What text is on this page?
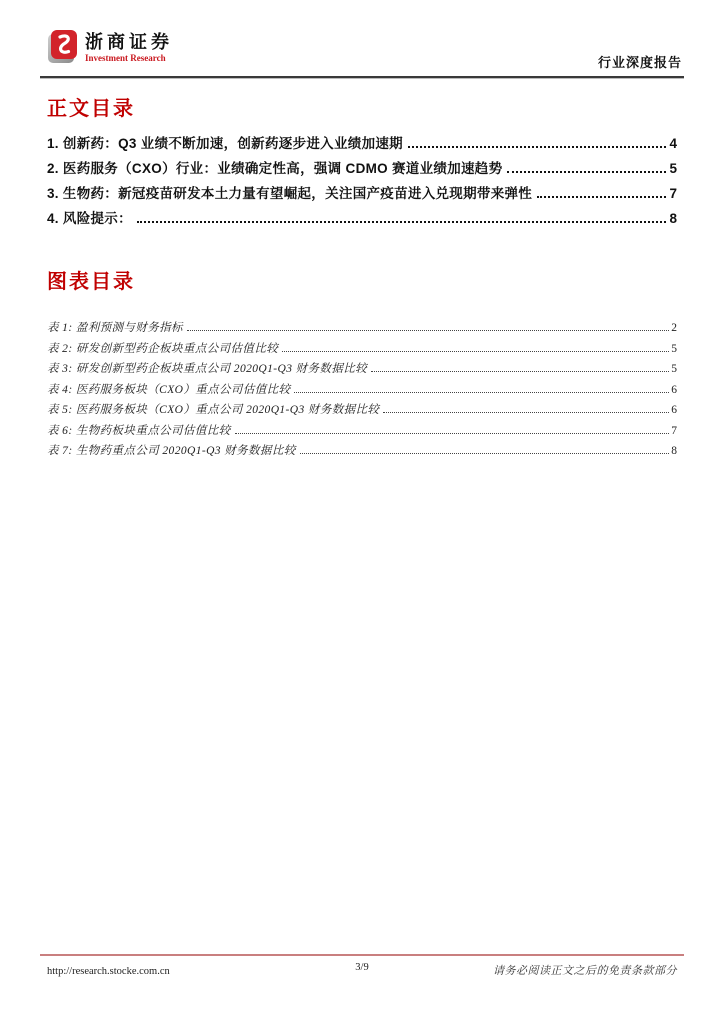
浙商证券
Investment Research	行业深度报告
正文目录
1. 创新药：Q3 业绩不断加速，创新药逐步进入业绩加速期	4
2. 医药服务（CXO）行业：业绩确定性高，强调 CDMO 赛道业绩加速趋势	5
3. 生物药：新冠疫苗研发本土力量有望崛起，关注国产疫苗进入兑现期带来弹性	7
4. 风险提示：	8
图表目录
表 1: 盈利预测与财务指标	2
表 2: 研发创新型药企板块重点公司估值比较	5
表 3: 研发创新型药企板块重点公司 2020Q1-Q3 财务数据比较	5
表 4: 医药服务板块（CXO）重点公司估值比较	6
表 5: 医药服务板块（CXO）重点公司 2020Q1-Q3 财务数据比较	6
表 6: 生物药板块重点公司估值比较	7
表 7: 生物药重点公司 2020Q1-Q3 财务数据比较	8
http://research.stocke.com.cn	3/9	请务必阅读正文之后的免责条款部分
